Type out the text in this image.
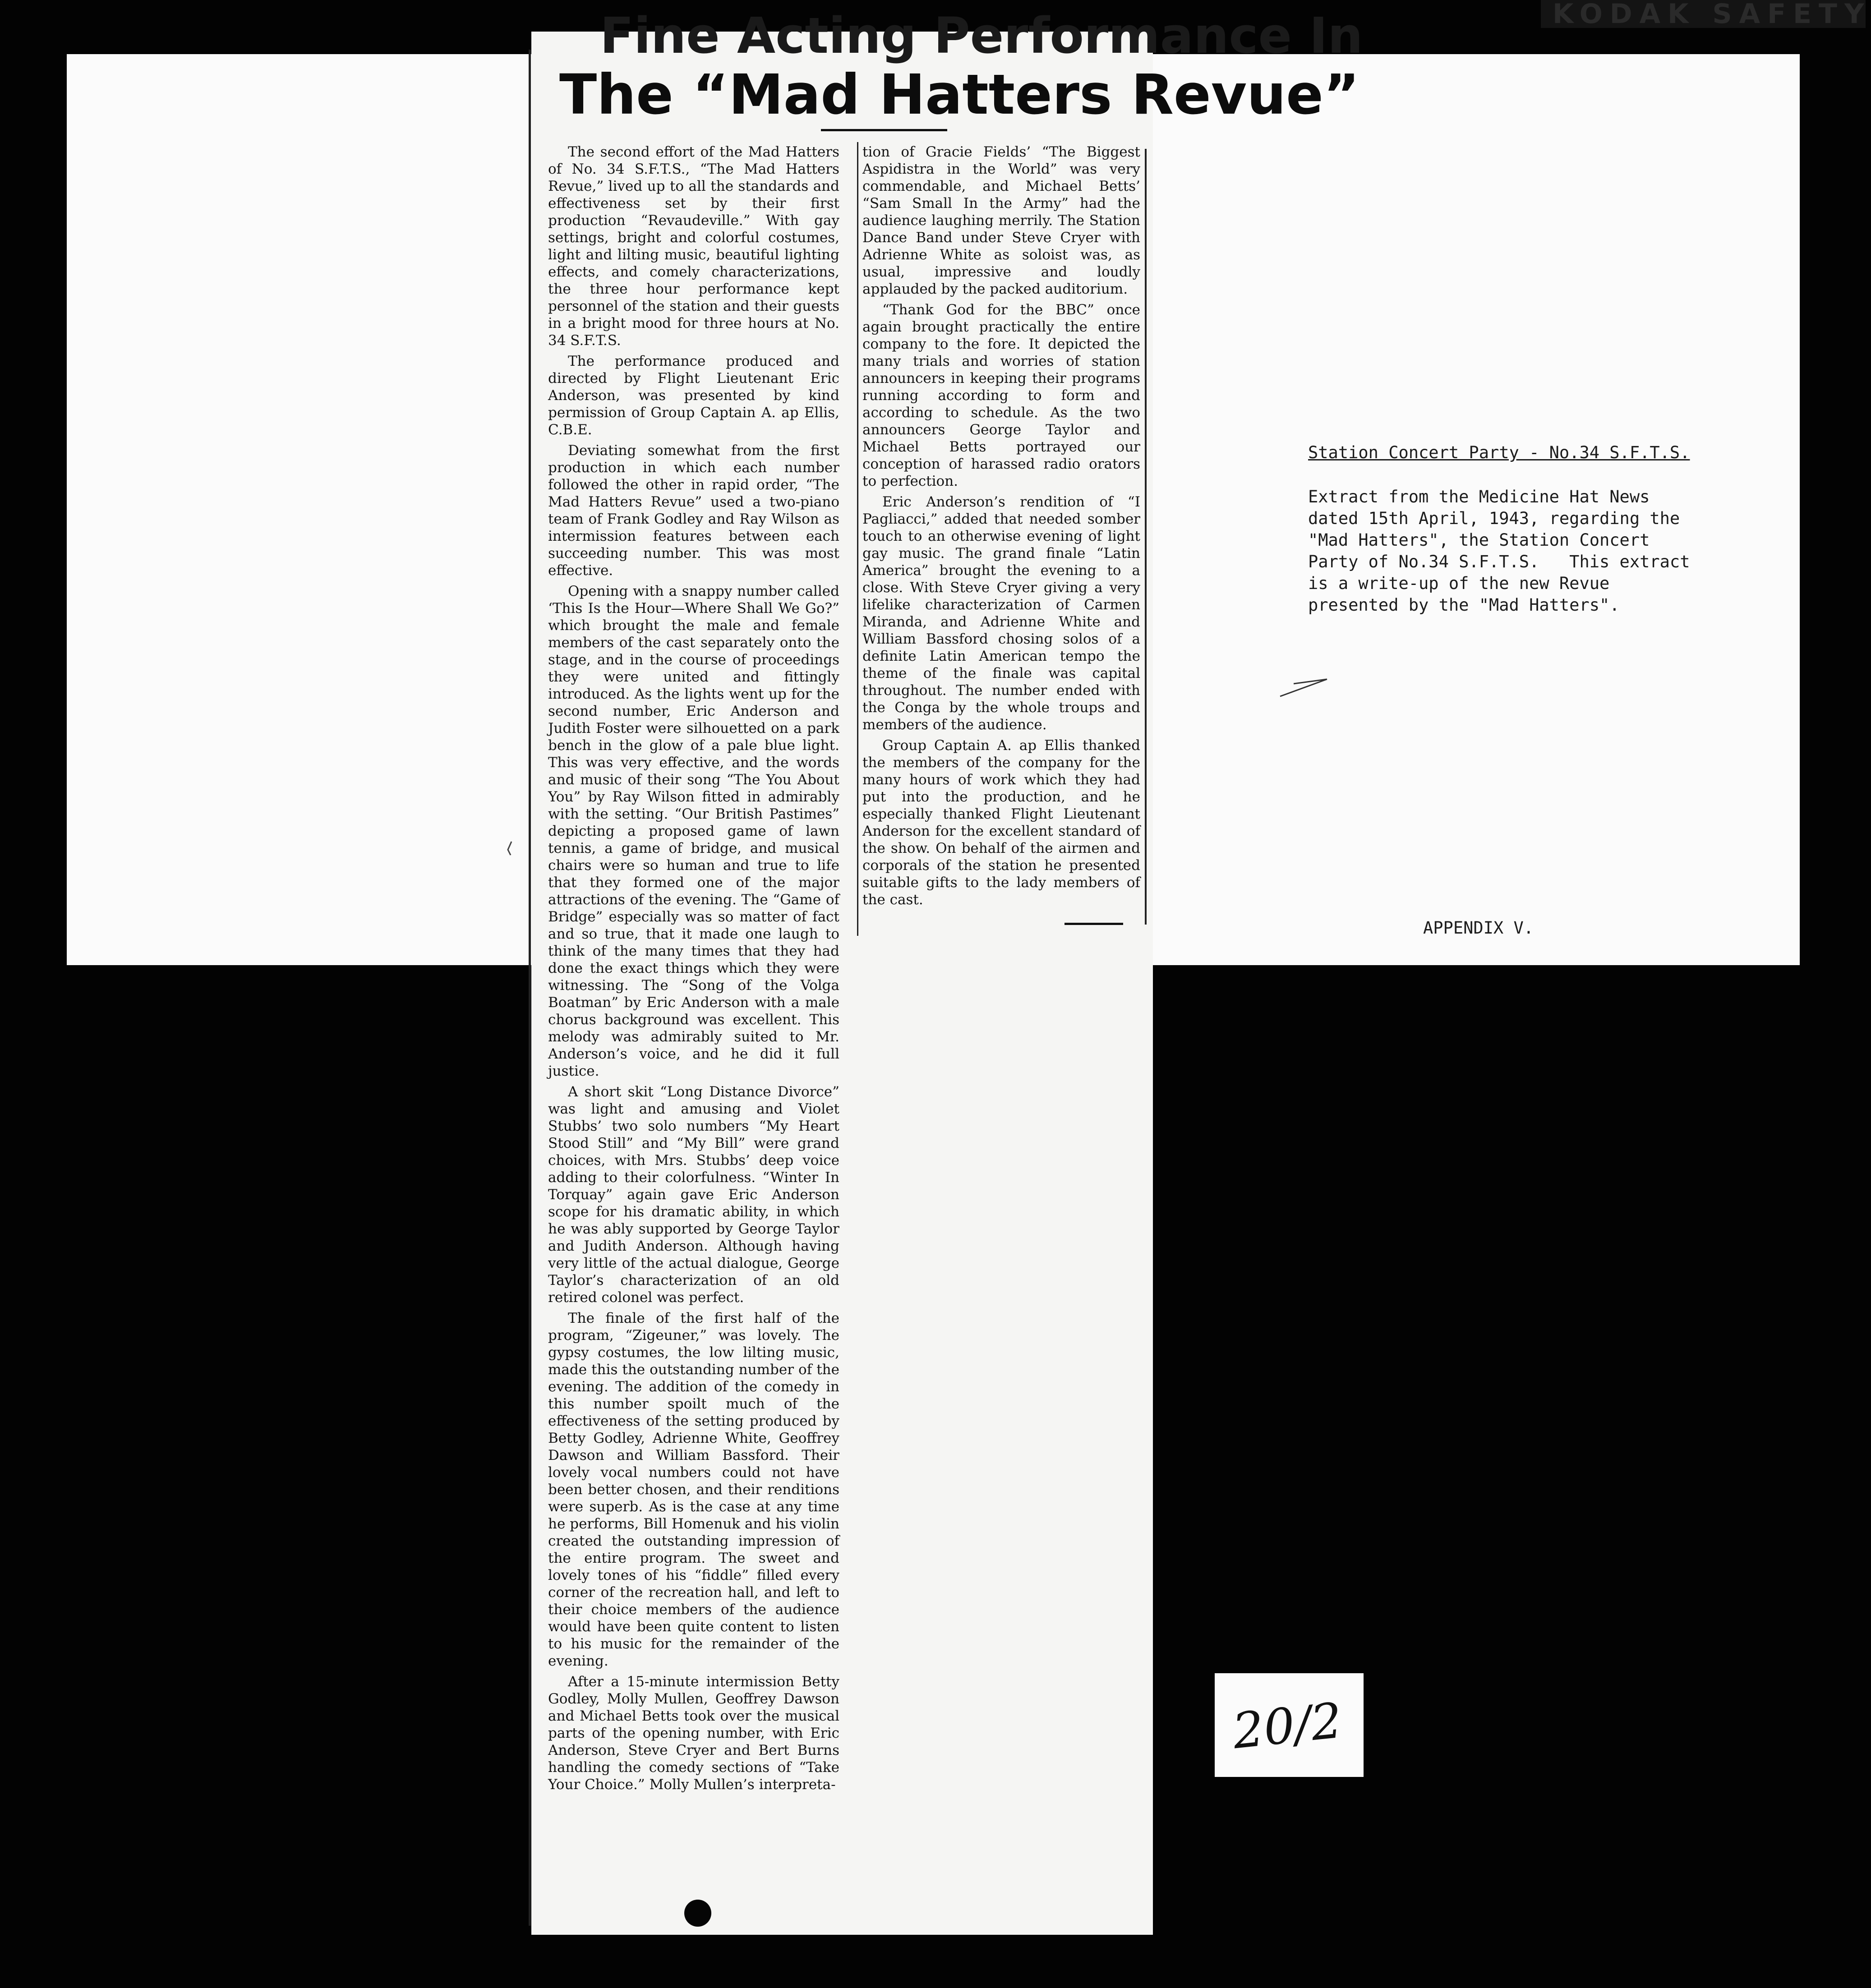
KODAK SAFETY
Fine Acting Performance In
The “Mad Hatters Revue”

The second effort of the Mad Hatters of No. 34 S.F.T.S., “The Mad Hatters Revue,” lived up to all the standards and effectiveness set by their first production “Revaudeville.” With gay settings, bright and colorful costumes, light and lilting music, beautiful lighting effects, and comely characterizations, the three hour performance kept personnel of the station and their guests in a bright mood for three hours at No. 34 S.F.T.S.

The performance produced and directed by Flight Lieutenant Eric Anderson, was presented by kind permission of Group Captain A. ap Ellis, C.B.E.

Deviating somewhat from the first production in which each number followed the other in rapid order, “The Mad Hatters Revue” used a two-piano team of Frank Godley and Ray Wilson as intermission features between each succeeding number. This was most effective.

Opening with a snappy number called ‘This Is the Hour—Where Shall We Go?” which brought the male and female members of the cast separately onto the stage, and in the course of proceedings they were united and fittingly introduced. As the lights went up for the second number, Eric Anderson and Judith Foster were silhouetted on a park bench in the glow of a pale blue light. This was very effective, and the words and music of their song “The You About You” by Ray Wilson fitted in admirably with the setting. “Our British Pastimes” depicting a proposed game of lawn tennis, a game of bridge, and musical chairs were so human and true to life that they formed one of the major attractions of the evening. The “Game of Bridge” especially was so matter of fact and so true, that it made one laugh to think of the many times that they had done the exact things which they were witnessing. The “Song of the Volga Boatman” by Eric Anderson with a male chorus background was excellent. This melody was admirably suited to Mr. Anderson’s voice, and he did it full justice.

A short skit “Long Distance Divorce” was light and amusing and Violet Stubbs’ two solo numbers “My Heart Stood Still” and “My Bill” were grand choices, with Mrs. Stubbs’ deep voice adding to their colorfulness. “Winter In Torquay” again gave Eric Anderson scope for his dramatic ability, in which he was ably supported by George Taylor and Judith Anderson. Although having very little of the actual dialogue, George Taylor’s characterization of an old retired colonel was perfect.

The finale of the first half of the program, “Zigeuner,” was lovely. The gypsy costumes, the low lilting music, made this the outstanding number of the evening. The addition of the comedy in this number spoilt much of the effectiveness of the setting produced by Betty Godley, Adrienne White, Geoffrey Dawson and William Bassford. Their lovely vocal numbers could not have been better chosen, and their renditions were superb. As is the case at any time he performs, Bill Homenuk and his violin created the outstanding impression of the entire program. The sweet and lovely tones of his “fiddle” filled every corner of the recreation hall, and left to their choice members of the audience would have been quite content to listen to his music for the remainder of the evening.

After a 15-minute intermission Betty Godley, Molly Mullen, Geoffrey Dawson and Michael Betts took over the musical parts of the opening number, with Eric Anderson, Steve Cryer and Bert Burns handling the comedy sections of “Take Your Choice.” Molly Mullen’s interpreta-

tion of Gracie Fields’ “The Biggest Aspidistra in the World” was very commendable, and Michael Betts’ “Sam Small In the Army” had the audience laughing merrily. The Station Dance Band under Steve Cryer with Adrienne White as soloist was, as usual, impressive and loudly applauded by the packed auditorium.

“Thank God for the BBC” once again brought practically the entire company to the fore. It depicted the many trials and worries of station announcers in keeping their programs running according to form and according to schedule. As the two announcers George Taylor and Michael Betts portrayed our conception of harassed radio orators to perfection.

Eric Anderson’s rendition of “I Pagliacci,” added that needed somber touch to an otherwise evening of light gay music. The grand finale “Latin America” brought the evening to a close. With Steve Cryer giving a very lifelike characterization of Carmen Miranda, and Adrienne White and William Bassford chosing solos of a definite Latin American tempo the theme of the finale was capital throughout. The number ended with the Conga by the whole troups and members of the audience.

Group Captain A. ap Ellis thanked the members of the company for the many hours of work which they had put into the production, and he especially thanked Flight Lieutenant Anderson for the excellent standard of the show. On behalf of the airmen and corporals of the station he presented suitable gifts to the lady members of the cast.

Station Concert Party - No.34 S.F.T.S.
Extract from the Medicine Hat News
dated 15th April, 1943, regarding the
"Mad Hatters", the Station Concert
Party of No.34 S.F.T.S.   This extract
is a write-up of the new Revue
presented by the "Mad Hatters".
APPENDIX V.
20/2
